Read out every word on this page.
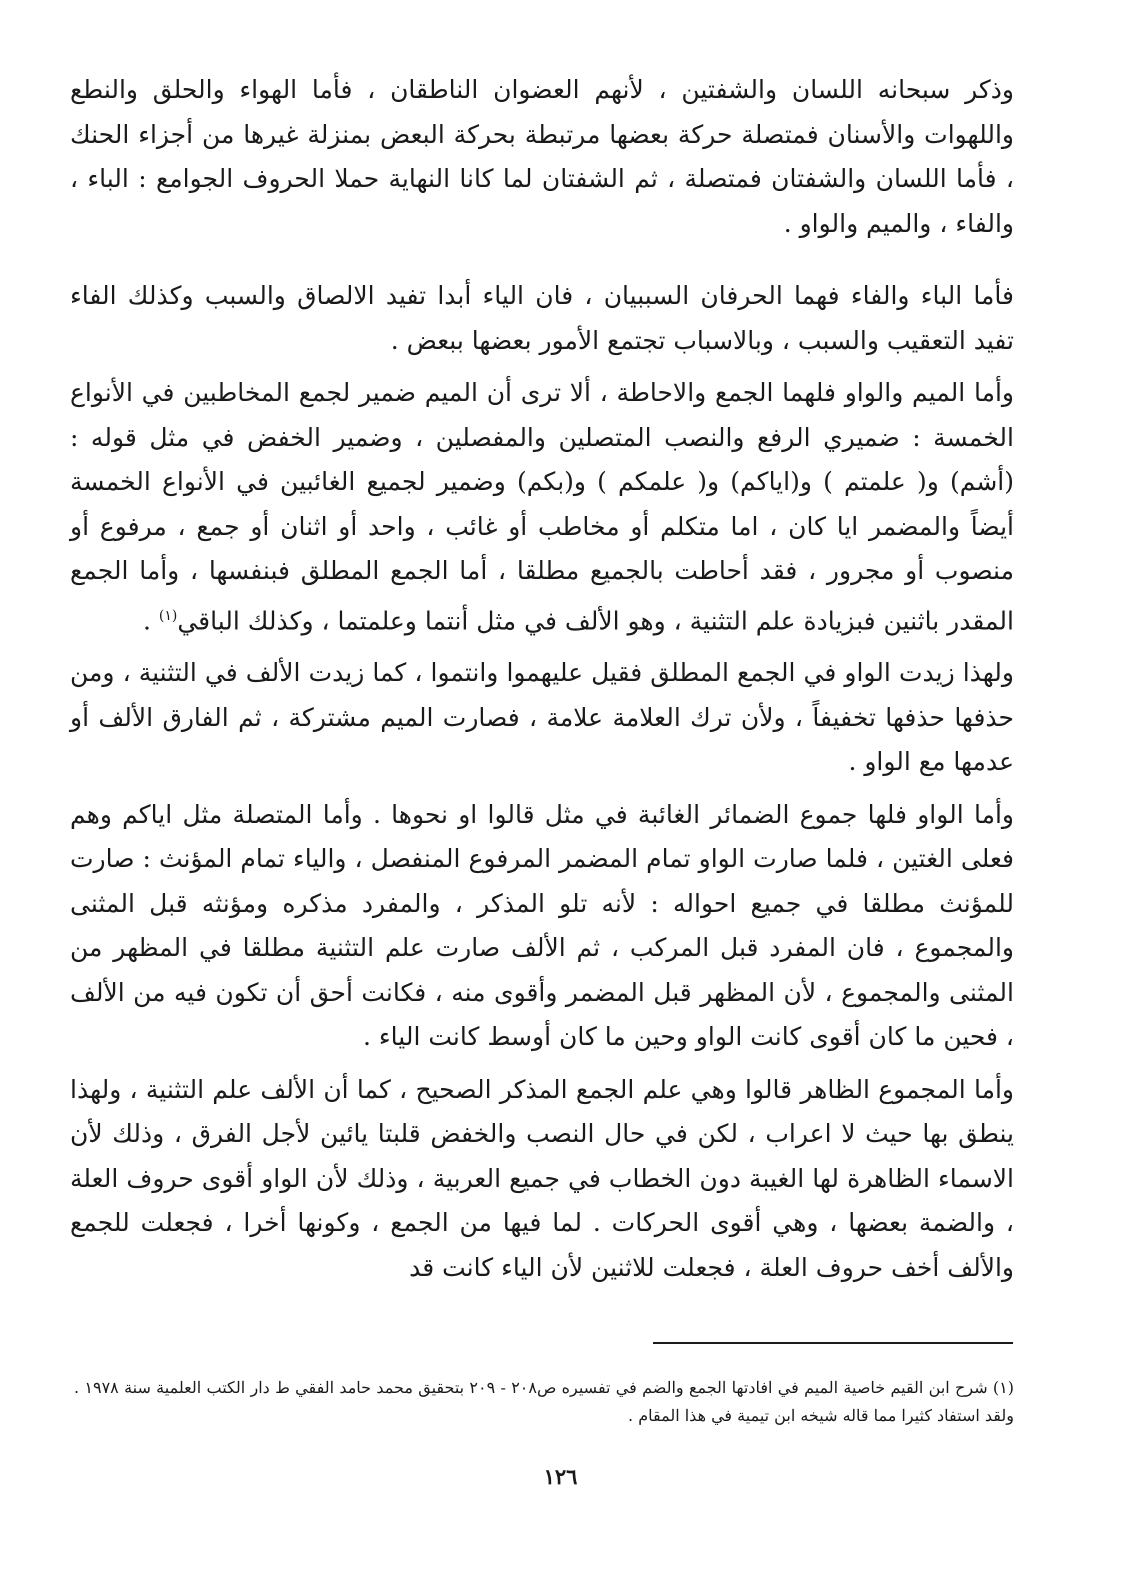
وذكر سبحانه اللسان والشفتين ، لأنهم العضوان الناطقان ، فأما الهواء والحلق والنطع واللهوات والأسنان فمتصلة حركة بعضها مرتبطة بحركة البعض بمنزلة غيرها من أجزاء الحنك ، فأما اللسان والشفتان فمتصلة ، ثم الشفتان لما كانا النهاية حملا الحروف الجوامع : الباء ، والفاء ، والميم والواو .

فأما الباء والفاء فهما الحرفان السببيان ، فان الياء أبدا تفيد الالصاق والسبب وكذلك الفاء تفيد التعقيب والسبب ، وبالاسباب تجتمع الأمور بعضها ببعض .

وأما الميم والواو فلهما الجمع والاحاطة ، ألا ترى أن الميم ضمير لجمع المخاطبين في الأنواع الخمسة : ضميري الرفع والنصب المتصلين والمفصلين ، وضمير الخفض في مثل قوله : (أشم) و( علمتم ) و(اياكم) و( علمكم ) و(بكم) وضمير لجميع الغائبين في الأنواع الخمسة أيضاً والمضمر ايا كان ، اما متكلم أو مخاطب أو غائب ، واحد أو اثنان أو جمع ، مرفوع أو منصوب أو مجرور ، فقد أحاطت بالجميع مطلقا ، أما الجمع المطلق فبنفسها ، وأما الجمع المقدر باثنين فبزيادة علم التثنية ، وهو الألف في مثل أنتما وعلمتما ، وكذلك الباقي$^{(١)}$ .

ولهذا زيدت الواو في الجمع المطلق فقيل عليهموا وانتموا ، كما زيدت الألف في التثنية ، ومن حذفها حذفها تخفيفاً ، ولأن ترك العلامة علامة ، فصارت الميم مشتركة ، ثم الفارق الألف أو عدمها مع الواو .

وأما الواو فلها جموع الضمائر الغائبة في مثل قالوا او نحوها . وأما المتصلة مثل اياكم وهم فعلى الغتين ، فلما صارت الواو تمام المضمر المرفوع المنفصل ، والياء تمام المؤنث : صارت للمؤنث مطلقا في جميع احواله : لأنه تلو المذكر ، والمفرد مذكره ومؤنثه قبل المثنى والمجموع ، فان المفرد قبل المركب ، ثم الألف صارت علم التثنية مطلقا في المظهر من المثنى والمجموع ، لأن المظهر قبل المضمر وأقوى منه ، فكانت أحق أن تكون فيه من الألف ، فحين ما كان أقوى كانت الواو وحين ما كان أوسط كانت الياء .

وأما المجموع الظاهر قالوا وهي علم الجمع المذكر الصحيح ، كما أن الألف علم التثنية ، ولهذا ينطق بها حيث لا اعراب ، لكن في حال النصب والخفض قلبتا يائين لأجل الفرق ، وذلك لأن الاسماء الظاهرة لها الغيبة دون الخطاب في جميع العربية ، وذلك لأن الواو أقوى حروف العلة ، والضمة بعضها ، وهي أقوى الحركات . لما فيها من الجمع ، وكونها أخرا ، فجعلت للجمع والألف أخف حروف العلة ، فجعلت للاثنين لأن الياء كانت قد

(١) شرح ابن القيم خاصية الميم في افادتها الجمع والضم في تفسيره ص٢٠٨ - ٢٠٩ بتحقيق محمد حامد الفقي ط دار الكتب العلمية سنة ١٩٧٨ . ولقد استفاد كثيرا مما قاله شيخه ابن تيمية في هذا المقام .

١٢٦
